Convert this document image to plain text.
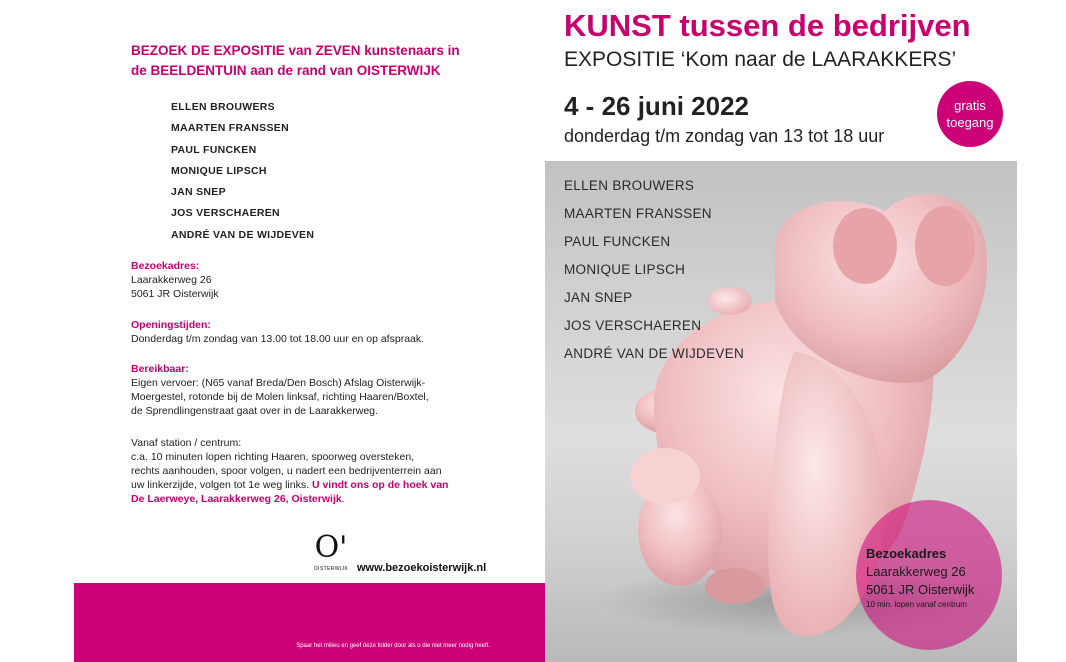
BEZOEK DE EXPOSITIE van ZEVEN kunstenaars in
de BEELDENTUIN aan de rand van OISTERWIJK
ELLEN BROUWERS
MAARTEN FRANSSEN
PAUL FUNCKEN
MONIQUE LIPSCH
JAN SNEP
JOS VERSCHAEREN
ANDRÉ VAN DE WIJDEVEN
Bezoekadres:
Laarakkerweg 26
5061 JR Oisterwijk
Openingstijden:
Donderdag t/m zondag van 13.00 tot 18.00 uur en op afspraak.
Bereikbaar:
Eigen vervoer: (N65 vanaf Breda/Den Bosch) Afslag Oisterwijk-
Moergestel, rotonde bij de Molen linksaf, richting Haaren/Boxtel,
de Sprendlingenstraat gaat over in de Laarakkerweg.
Vanaf station / centrum:
c.a. 10 minuten lopen richting Haaren, spoorweg oversteken,
rechts aanhouden, spoor volgen, u nadert een bedrijventerrein aan
uw linkerzijde, volgen tot 1e weg links. U vindt ons op de hoek van
De Laerweye, Laarakkerweg 26, Oisterwijk.
O'
OISTERWIJK www.bezoekoisterwijk.nl
Spaar het milieu en geef deze folder door als u die niet meer nodig heeft.
KUNST tussen de bedrijven
EXPOSITIE ‘Kom naar de LAARAKKERS’
4 - 26 juni 2022
donderdag t/m zondag van 13 tot 18 uur
gratis
toegang
ELLEN BROUWERS
MAARTEN FRANSSEN
PAUL FUNCKEN
MONIQUE LIPSCH
JAN SNEP
JOS VERSCHAEREN
ANDRÉ VAN DE WIJDEVEN
Bezoekadres
Laarakkerweg 26
5061 JR Oisterwijk
10 min. lopen vanaf centrum
